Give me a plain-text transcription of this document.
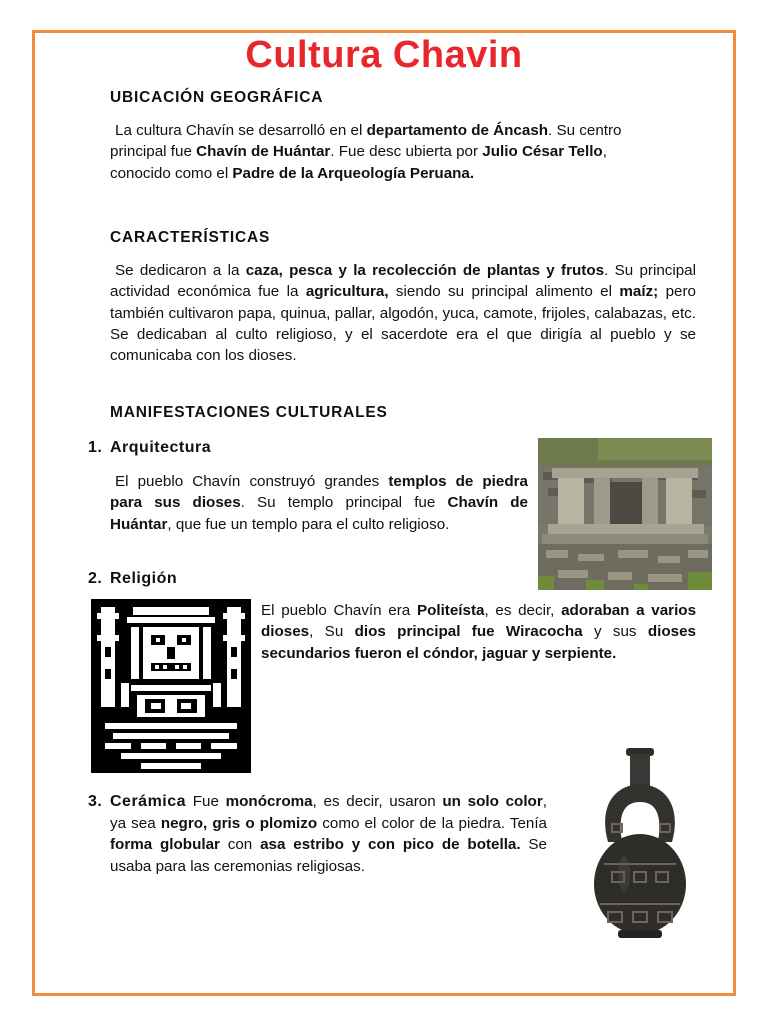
Cultura Chavin
UBICACIÓN GEOGRÁFICA

La cultura Chavín se desarrolló en el departamento de Áncash. Su centro principal fue Chavín de Huántar. Fue desc ubierta por Julio César Tello, conocido como el Padre de la Arqueología Peruana.

CARACTERÍSTICAS

Se dedicaron a la caza, pesca y la recolección de plantas y frutos. Su principal actividad económica fue la agricultura, siendo su principal alimento el maíz; pero también cultivaron papa, quinua, pallar, algodón, yuca, camote, frijoles, calabazas, etc. Se dedicaban al culto religioso, y el sacerdote era el que dirigía al pueblo y se comunicaba con los dioses.

MANIFESTACIONES CULTURALES
1. Arquitectura

El pueblo Chavín construyó grandes templos de piedra para sus dioses. Su templo principal fue Chavín de Huántar, que fue un templo para el culto religioso.

2. Religión

El pueblo Chavín era Politeísta, es decir, adoraban a varios dioses, Su dios principal fue Wiracocha y sus dioses secundarios fueron el cóndor, jaguar y serpiente.

3. Cerámica Fue monócroma, es decir, usaron un solo color, ya sea negro, gris o plomizo como el color de la piedra. Tenía forma globular con asa estribo y con pico de botella. Se usaba para las ceremonias religiosas.
